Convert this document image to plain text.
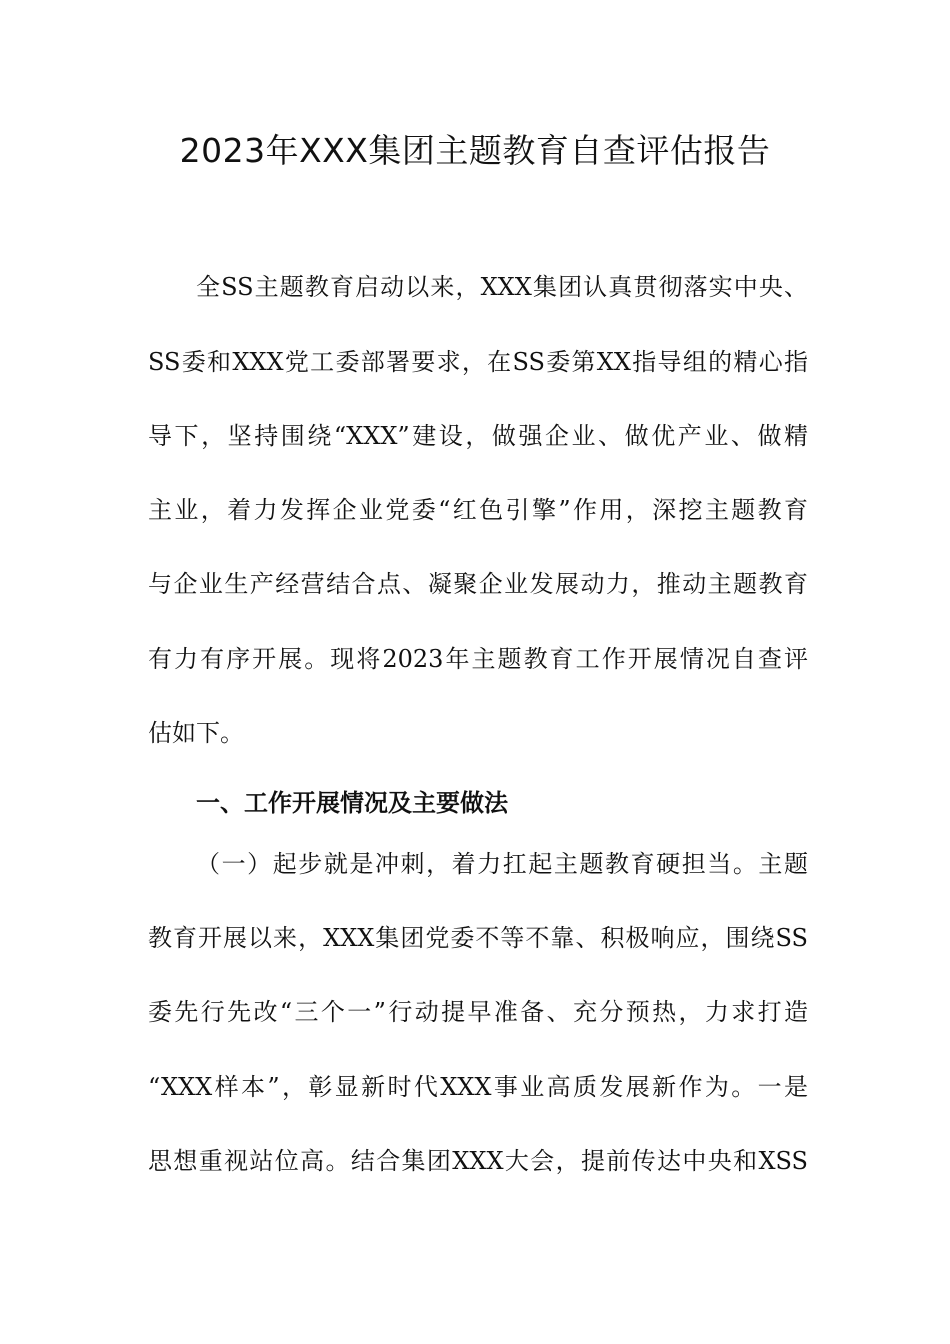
2023年XXX集团主题教育自查评估报告
全SS主题教育启动以来，XXX集团认真贯彻落实中央、
SS委和XXX党工委部署要求，在SS委第XX指导组的精心指
导下，坚持围绕“XXX”建设，做强企业、做优产业、做精
主业，着力发挥企业党委“红色引擎”作用，深挖主题教育
与企业生产经营结合点、凝聚企业发展动力，推动主题教育
有力有序开展。现将2023年主题教育工作开展情况自查评
估如下。
一、工作开展情况及主要做法
（一）起步就是冲刺，着力扛起主题教育硬担当。主题
教育开展以来，XXX集团党委不等不靠、积极响应，围绕SS
委先行先改“三个一”行动提早准备、充分预热，力求打造
“XXX样本”，彰显新时代XXX事业高质发展新作为。一是
思想重视站位高。结合集团XXX大会，提前传达中央和XSS
